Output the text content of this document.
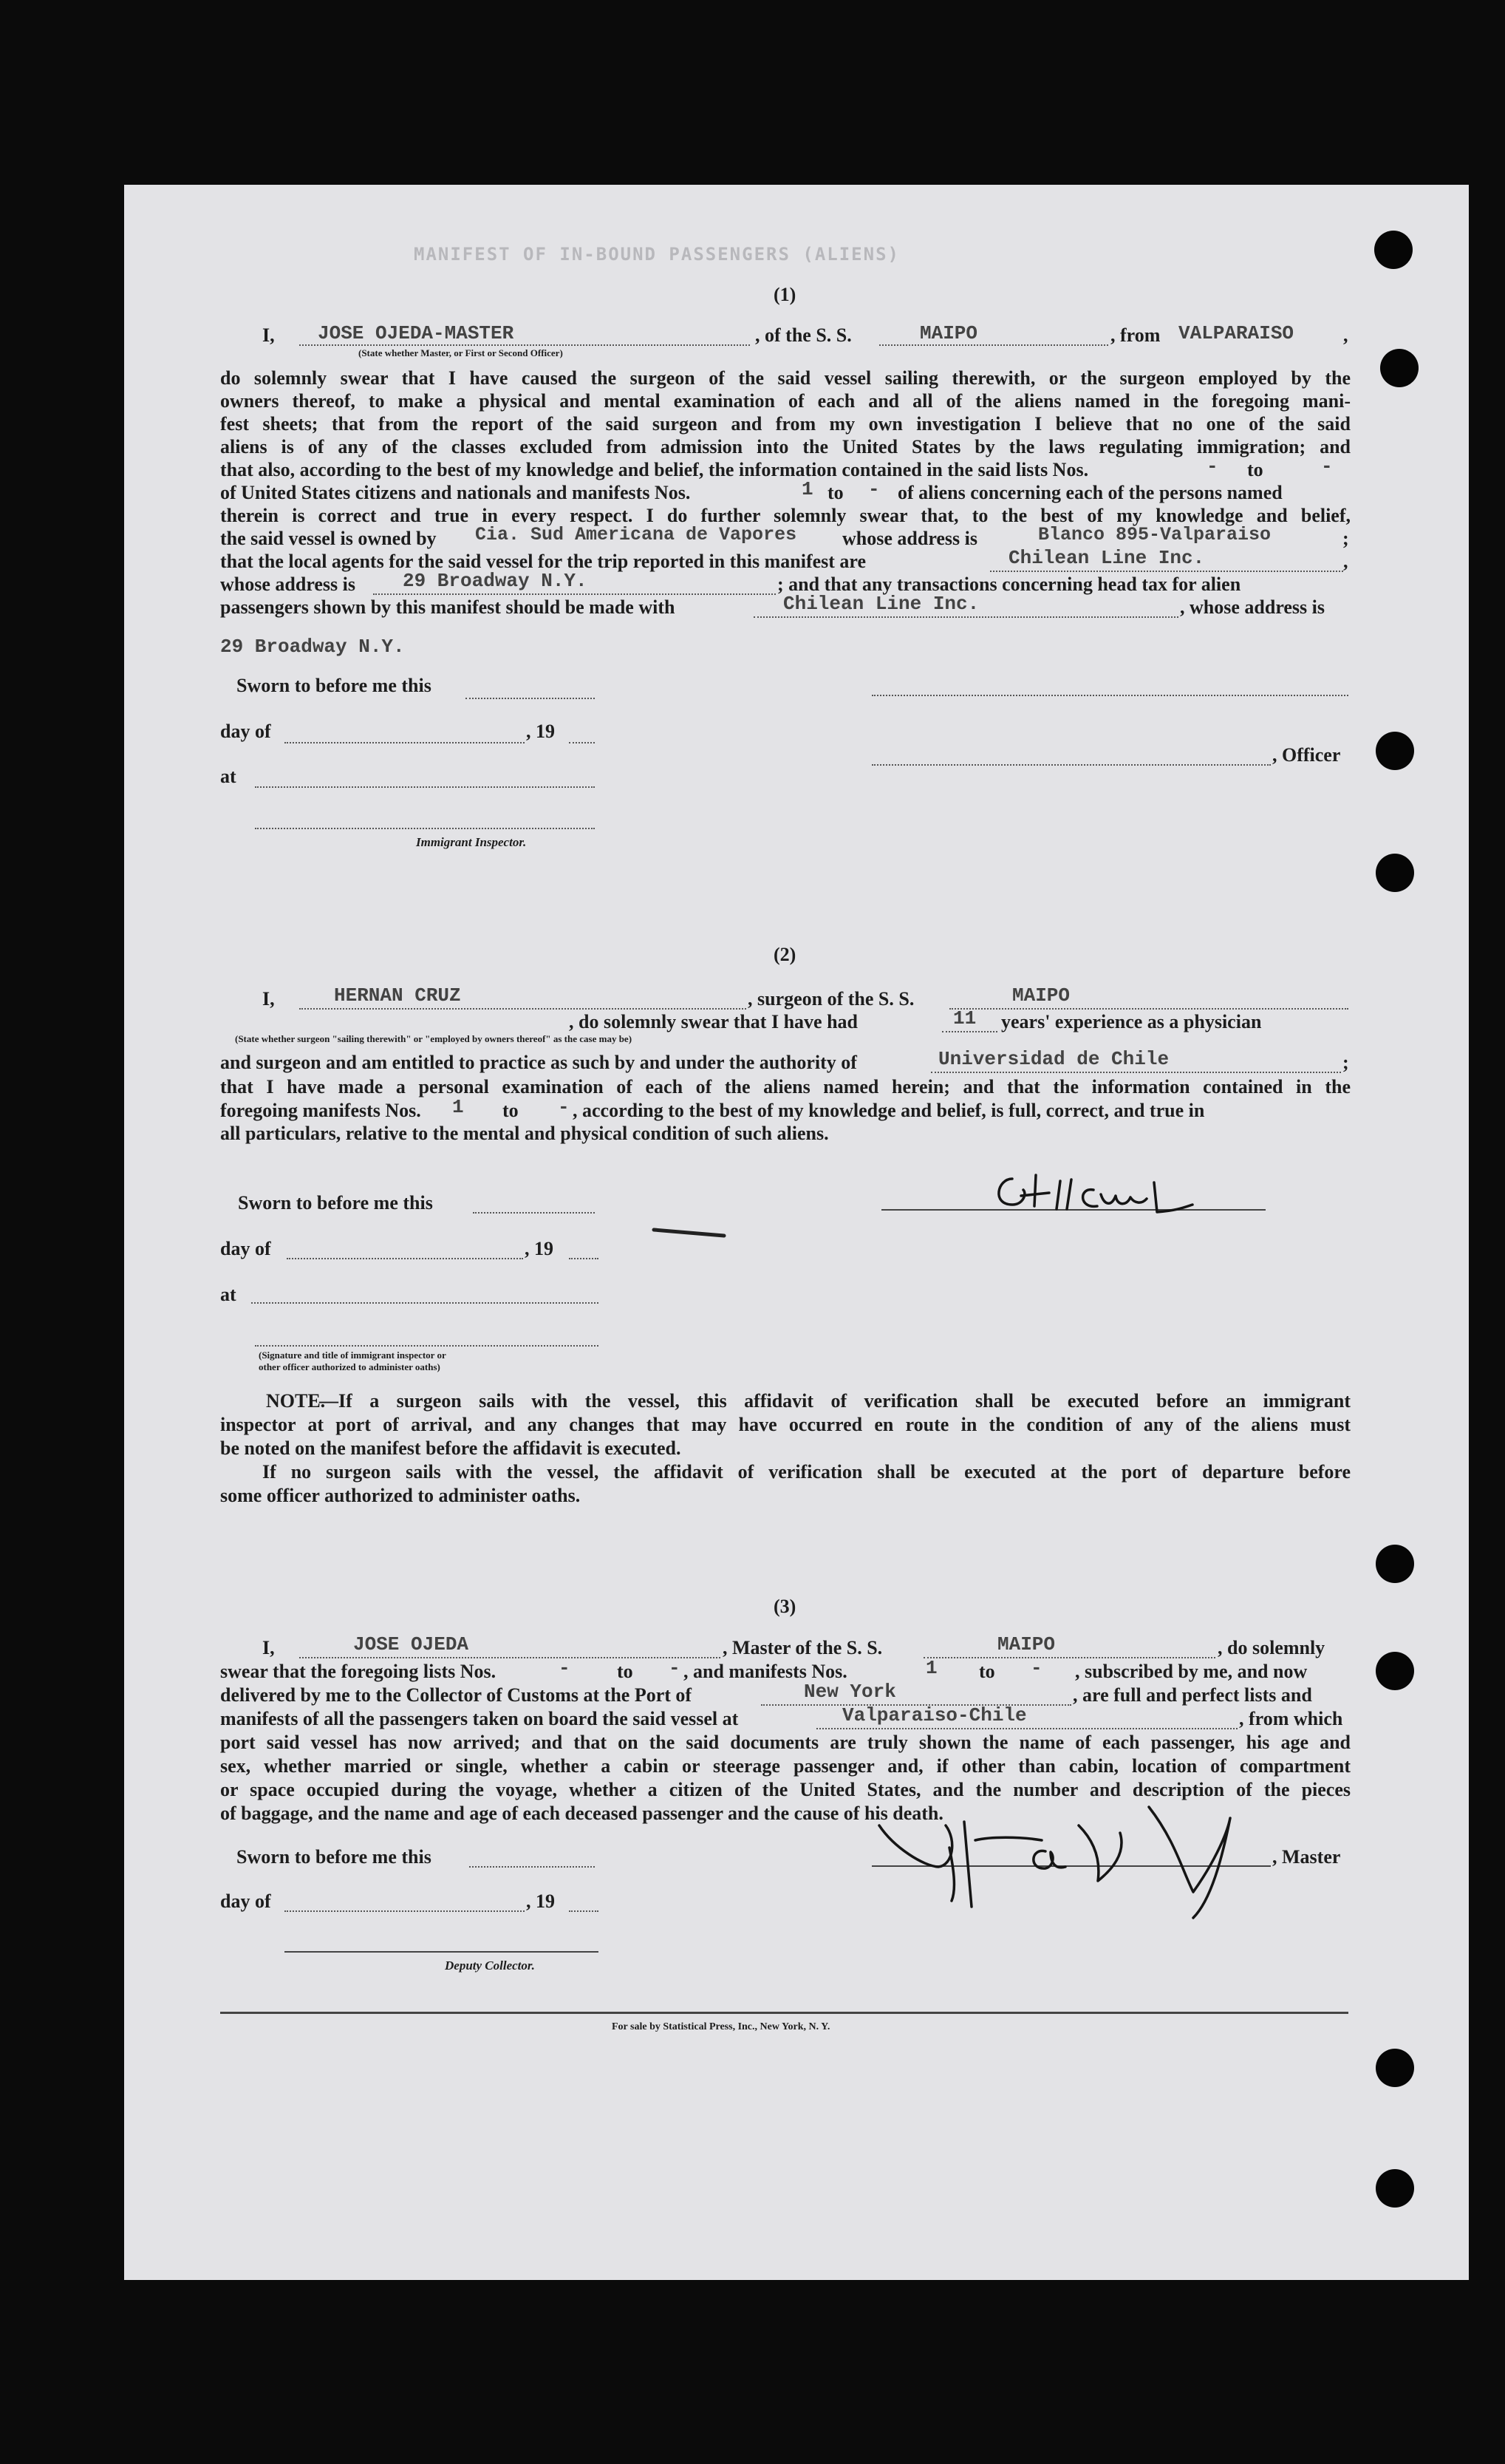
MANIFEST OF IN-BOUND PASSENGERS (ALIENS)
(1)
I, JOSE OJEDA-MASTER
(State whether Master, or First or Second Officer)
, of the S. S.	MAIPO	, from VALPARAISO	,
do solemnly swear that I have caused the surgeon of the said vessel sailing therewith, or the surgeon employed by the
owners thereof, to make a physical and mental examination of each and all of the aliens named in the foregoing mani-
fest sheets; that from the report of the said surgeon and from my own investigation I believe that no one of the said
aliens is of any of the classes excluded from admission into the United States by the laws regulating immigration; and
that also, according to the best of my knowledge and belief, the information contained in the said lists Nos.	- to	-
of United States citizens and nationals and manifests Nos.	1 to - of aliens concerning each of the persons named
therein is correct and true in every respect. I do further solemnly swear that, to the best of my knowledge and belief,
the said vessel is owned by Cia. Sud Americana de Vapores whose address is	Blanco 895-Valparaiso	;
that the local agents for the said vessel for the trip reported in this manifest are	Chilean Line Inc.	,
whose address is 29 Broadway N.Y.	; and that any transactions concerning head tax for alien
passengers shown by this manifest should be made with	Chilean Line Inc.	, whose address is
29 Broadway N.Y.
Sworn to before me this
day of	, 19
at
Immigrant Inspector.
, Officer
(2)
I,	HERNAN CRUZ	, surgeon of the S. S.	MAIPO
, do solemnly swear that I have had	11 years' experience as a physician
(State whether surgeon "sailing therewith" or "employed by owners thereof" as the case may be)
and surgeon and am entitled to practice as such by and under the authority of	Universidad de Chile	;
that I have made a personal examination of each of the aliens named herein; and that the information contained in the
foregoing manifests Nos. 1 to - , according to the best of my knowledge and belief, is full, correct, and true in
all particulars, relative to the mental and physical condition of such aliens.
Sworn to before me this
day of	, 19
at
(Signature and title of immigrant inspector or
other officer authorized to administer oaths)
NOTE.
—If a surgeon sails with the vessel, this affidavit of verification shall be executed before an immigrant
inspector at port of arrival, and any changes that may have occurred en route in the condition of any of the aliens must
be noted on the manifest before the affidavit is executed.
If no surgeon sails with the vessel, the affidavit of verification shall be executed at the port of departure before
some officer authorized to administer oaths.
(3)
I,	JOSE OJEDA	, Master of the S. S.	MAIPO	, do solemnly
swear that the foregoing lists Nos.	- to - , and manifests Nos.	1 to - , subscribed by me, and now
delivered by me to the Collector of Customs at the Port of	New York	, are full and perfect lists and
manifests of all the passengers taken on board the said vessel at	Valparaiso-Chile	, from which
port said vessel has now arrived; and that on the said documents are truly shown the name of each passenger, his age and
sex, whether married or single, whether a cabin or steerage passenger and, if other than cabin, location of compartment
or space occupied during the voyage, whether a citizen of the United States, and the number and description of the pieces
of baggage, and the name and age of each deceased passenger and the cause of his death.
Sworn to before me this
day of	, 19
Deputy Collector.
, Master
For sale by Statistical Press, Inc., New York, N. Y.
